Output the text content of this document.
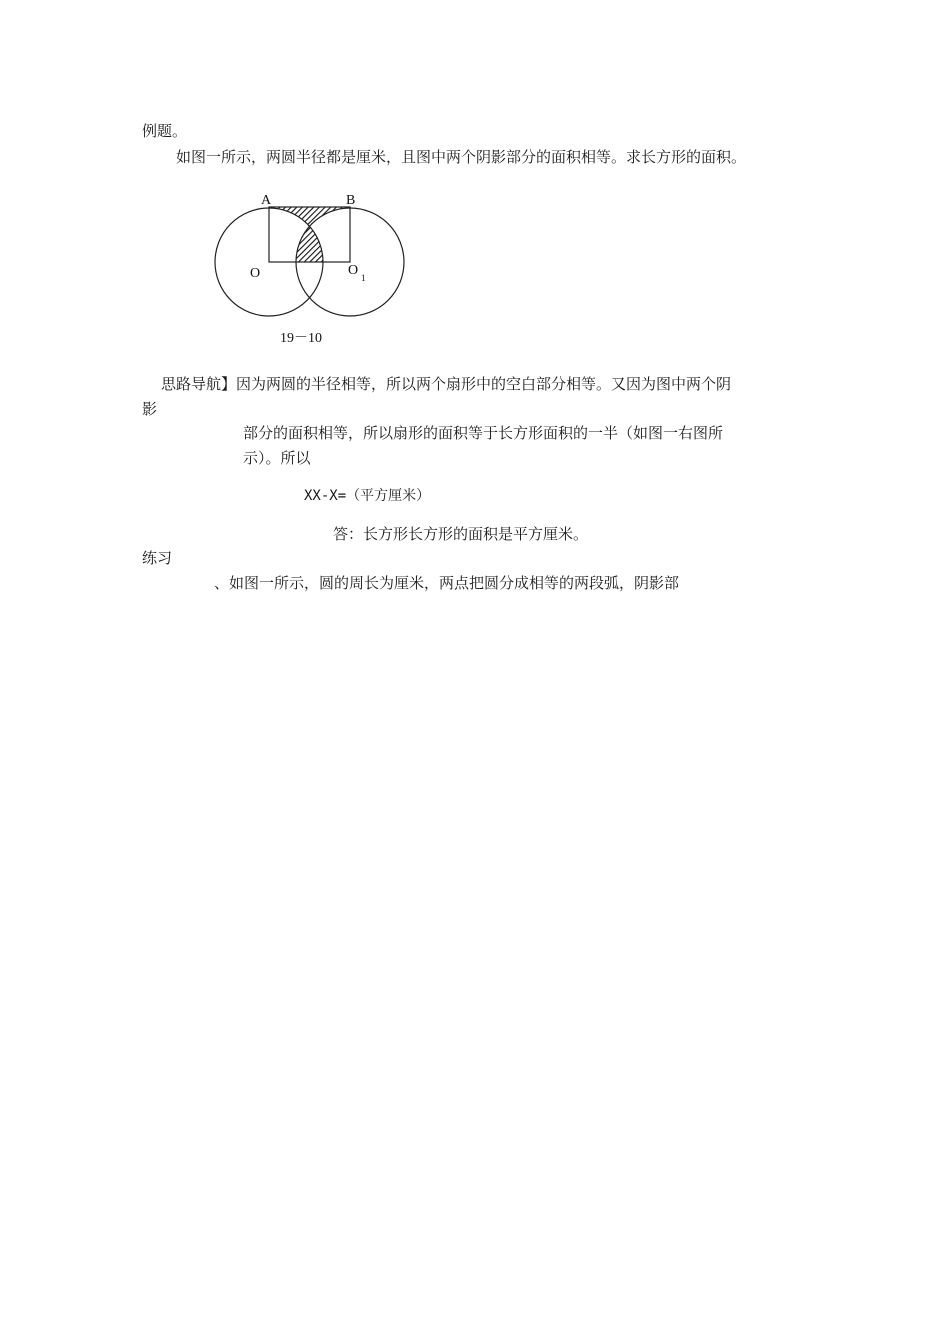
例题。
如图一所示，两圆半径都是厘米，且图中两个阴影部分的面积相等。求长方形的面积。
A	B
O	O 1
19－10
思路导航】因为两圆的半径相等，所以两个扇形中的空白部分相等。又因为图中两个阴
影
部分的面积相等，所以扇形的面积等于长方形面积的一半（如图一右图所
示）。所以
XX-X=（平方厘米）
答：长方形长方形的面积是平方厘米。
练习
、如图一所示，圆的周长为厘米，两点把圆分成相等的两段弧，阴影部
